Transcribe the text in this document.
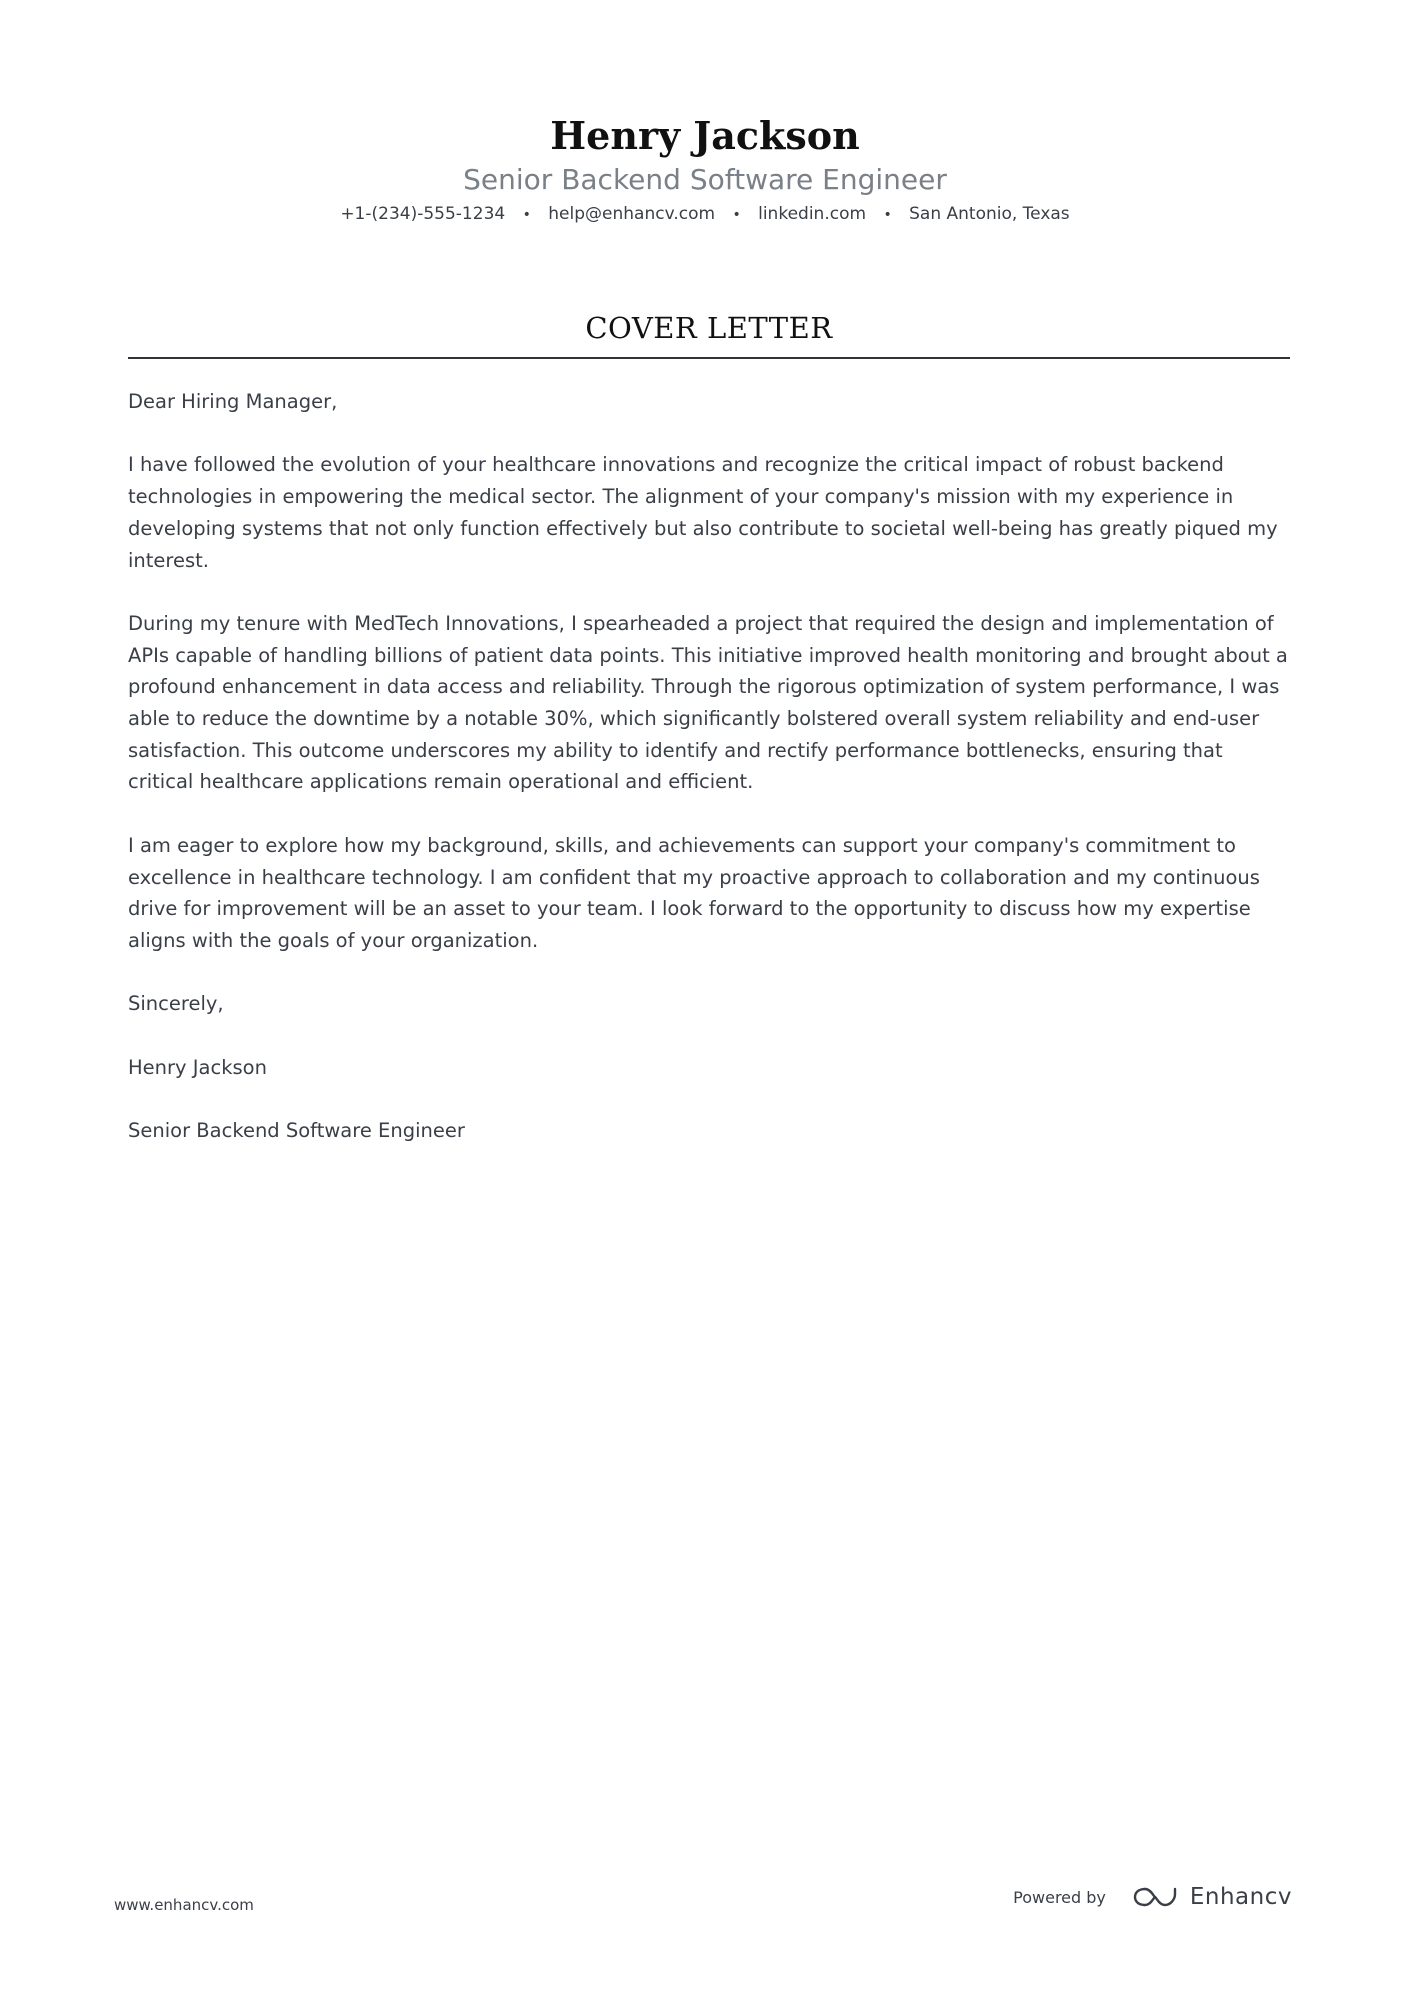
Henry Jackson
Senior Backend Software Engineer
+1-(234)-555-1234 • help@enhancv.com • linkedin.com • San Antonio, Texas
COVER LETTER

Dear Hiring Manager,

I have followed the evolution of your healthcare innovations and recognize the critical impact of robust backend technologies in empowering the medical sector. The alignment of your company's mission with my experience in developing systems that not only function effectively but also contribute to societal well-being has greatly piqued my interest.

During my tenure with MedTech Innovations, I spearheaded a project that required the design and implementation of APIs capable of handling billions of patient data points. This initiative improved health monitoring and brought about a profound enhancement in data access and reliability. Through the rigorous optimization of system performance, I was able to reduce the downtime by a notable 30%, which significantly bolstered overall system reliability and end-user satisfaction. This outcome underscores my ability to identify and rectify performance bottlenecks, ensuring that critical healthcare applications remain operational and efficient.

I am eager to explore how my background, skills, and achievements can support your company's commitment to excellence in healthcare technology. I am confident that my proactive approach to collaboration and my continuous drive for improvement will be an asset to your team. I look forward to the opportunity to discuss how my expertise aligns with the goals of your organization.

Sincerely,

Henry Jackson

Senior Backend Software Engineer

www.enhancv.com	Powered by	Enhancv
